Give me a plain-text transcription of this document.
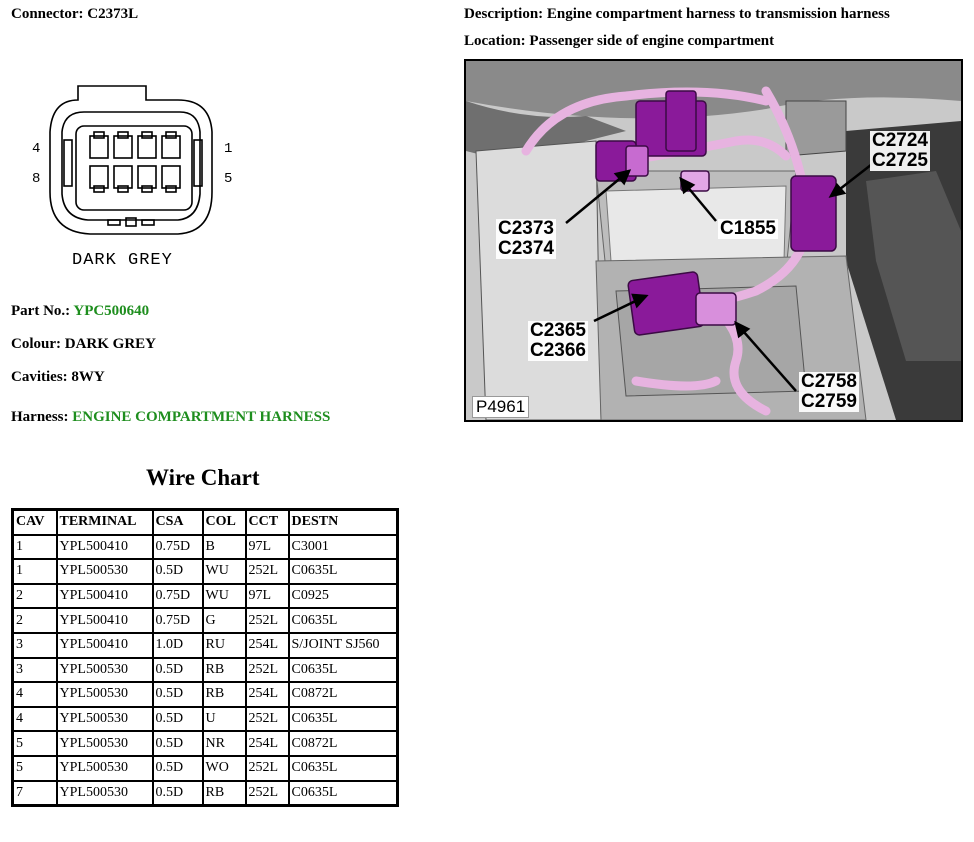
Connector: C2373L	Description: Engine compartment harness to transmission harness
Location: Passenger side of engine compartment
4
8
1
5
DARK GREY
Part No.: YPC500640
Colour: DARK GREY
Cavities: 8WY
Harness: ENGINE COMPARTMENT HARNESS
C2373
C2374
C1855
C2724
C2725
C2365
C2366
C2758
C2759
P4961
Wire Chart
CAV	TERMINAL	CSA	COL	CCT	DESTN
1	YPL500410	0.75D	B	97L	C3001
1	YPL500530	0.5D	WU	252L	C0635L
2	YPL500410	0.75D	WU	97L	C0925
2	YPL500410	0.75D	G	252L	C0635L
3	YPL500410	1.0D	RU	254L	S/JOINT SJ560
3	YPL500530	0.5D	RB	252L	C0635L
4	YPL500530	0.5D	RB	254L	C0872L
4	YPL500530	0.5D	U	252L	C0635L
5	YPL500530	0.5D	NR	254L	C0872L
5	YPL500530	0.5D	WO	252L	C0635L
7	YPL500530	0.5D	RB	252L	C0635L
